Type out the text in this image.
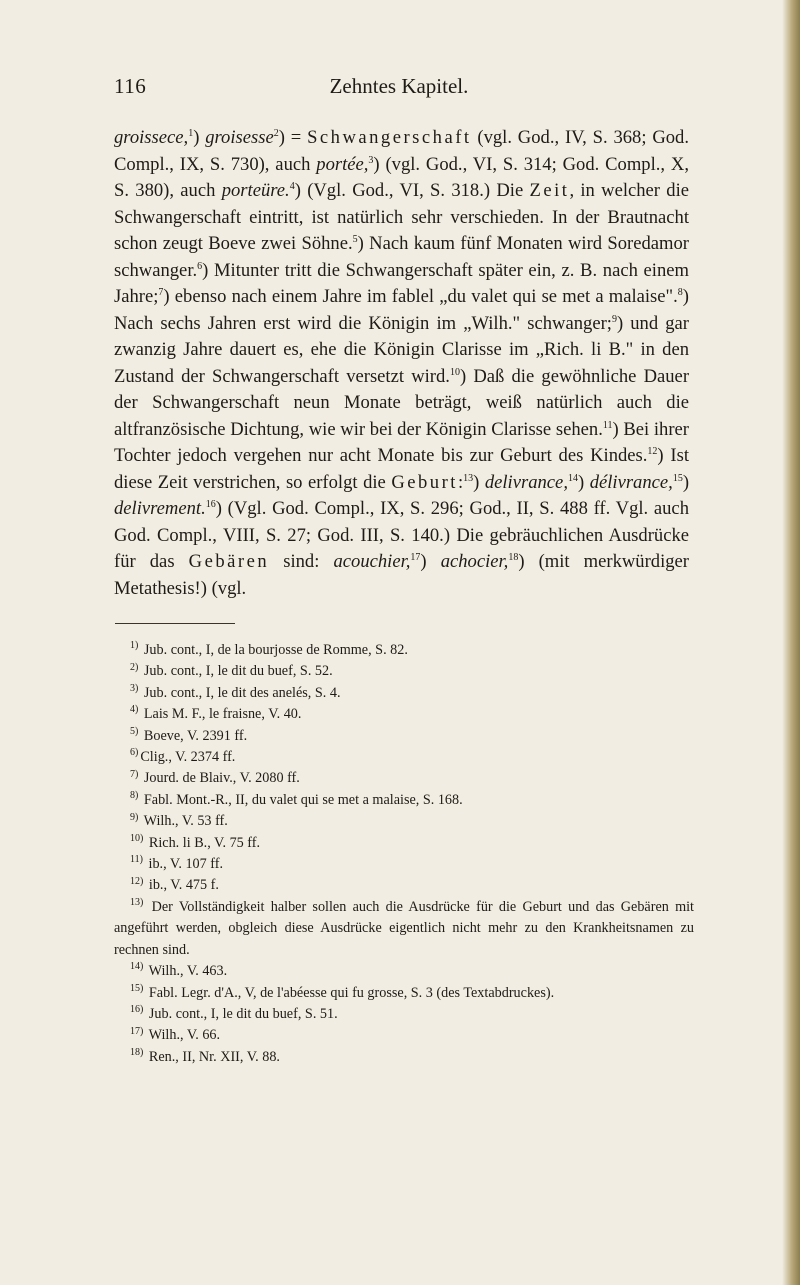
116	Zehntes Kapitel.

groissece,$^1$) groisesse$^2$) = Schwangerschaft (vgl. God., IV, S. 368; God. Compl., IX, S. 730), auch portée,$^3$) (vgl. God., VI, S. 314; God. Compl., X, S. 380), auch porteüre.$^4$) (Vgl. God., VI, S. 318.) Die Zeit, in welcher die Schwangerschaft eintritt, ist natürlich sehr verschieden. In der Brautnacht schon zeugt Boeve zwei Söhne.$^5$) Nach kaum fünf Monaten wird Soredamor schwanger.$^6$) Mitunter tritt die Schwangerschaft später ein, z. B. nach einem Jahre;$^7$) ebenso nach einem Jahre im fablel „du valet qui se met a malaise".$^8$) Nach sechs Jahren erst wird die Königin im „Wilh." schwanger;$^9$) und gar zwanzig Jahre dauert es, ehe die Königin Clarisse im „Rich. li B." in den Zustand der Schwangerschaft versetzt wird.$^{10}$) Daß die gewöhnliche Dauer der Schwangerschaft neun Monate beträgt, weiß natürlich auch die altfranzösische Dichtung, wie wir bei der Königin Clarisse sehen.$^{11}$) Bei ihrer Tochter jedoch vergehen nur acht Monate bis zur Geburt des Kindes.$^{12}$) Ist diese Zeit verstrichen, so erfolgt die Geburt:$^{13}$) delivrance,$^{14}$) délivrance,$^{15}$) delivrement.$^{16}$) (Vgl. God. Compl., IX, S. 296; God., II, S. 488 ff. Vgl. auch God. Compl., VIII, S. 27; God. III, S. 140.) Die gebräuchlichen Ausdrücke für das Gebären sind: acouchier,$^{17}$) achocier,$^{18}$) (mit merkwürdiger Metathesis!) (vgl.

$^{1)}$ Jub. cont., I, de la bourjosse de Romme, S. 82.
$^{2)}$ Jub. cont., I, le dit du buef, S. 52.
$^{3)}$ Jub. cont., I, le dit des anelés, S. 4.
$^{4)}$ Lais M. F., le fraisne, V. 40.
$^{5)}$ Boeve, V. 2391 ff.
$^{6)}$ Clig., V. 2374 ff.
$^{7)}$ Jourd. de Blaiv., V. 2080 ff.
$^{8)}$ Fabl. Mont.-R., II, du valet qui se met a malaise, S. 168.
$^{9)}$ Wilh., V. 53 ff.
$^{10)}$ Rich. li B., V. 75 ff.
$^{11)}$ ib., V. 107 ff.
$^{12)}$ ib., V. 475 f.
$^{13)}$ Der Vollständigkeit halber sollen auch die Ausdrücke für die Geburt und das Gebären mit angeführt werden, obgleich diese Ausdrücke eigentlich nicht mehr zu den Krankheitsnamen zu rechnen sind.
$^{14)}$ Wilh., V. 463.
$^{15)}$ Fabl. Legr. d'A., V, de l'abéesse qui fu grosse, S. 3 (des Textabdruckes).
$^{16)}$ Jub. cont., I, le dit du buef, S. 51.
$^{17)}$ Wilh., V. 66.
$^{18)}$ Ren., II, Nr. XII, V. 88.
